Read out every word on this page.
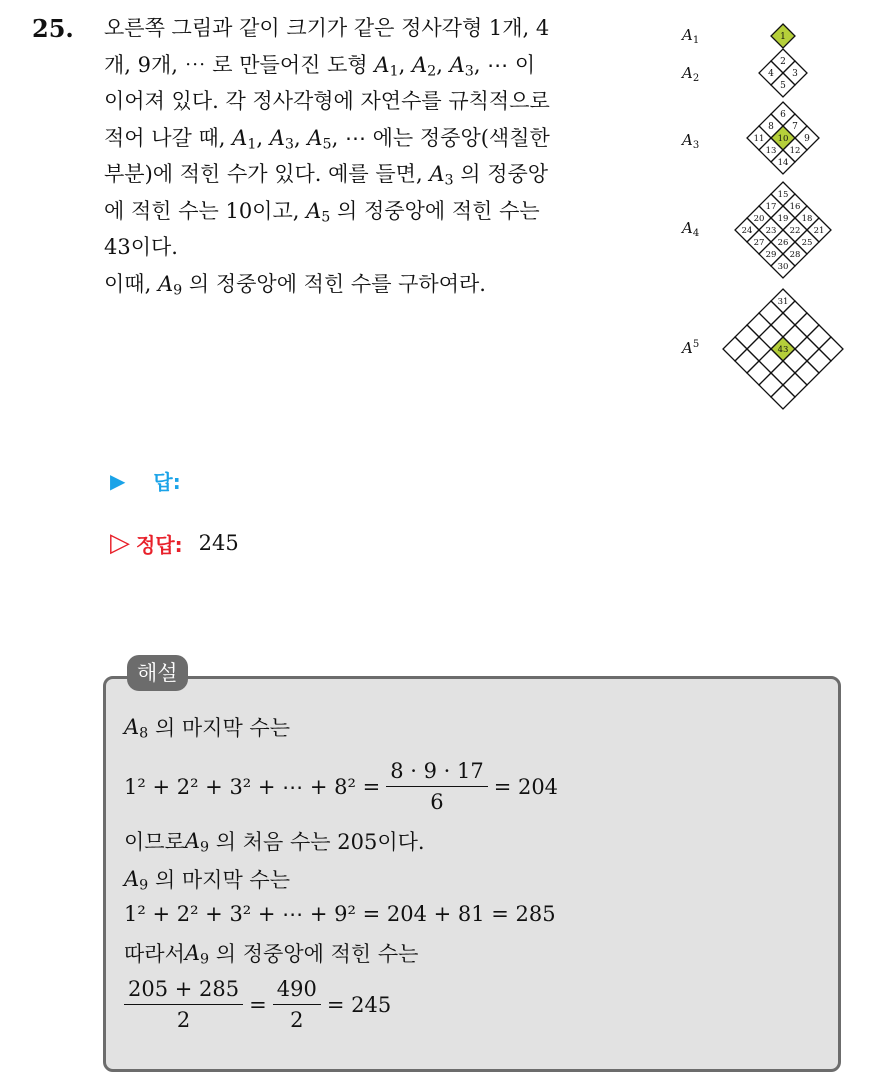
25. 오른쪽 그림과 같이 크기가 같은 정사각형 1개, 4

개, 9개, ⋯ 로 만들어진 도형 $A_1$, $A_2$, $A_3$, ⋯ 이

이어져 있다. 각 정사각형에 자연수를 규칙적으로

적어 나갈 때, $A_1$, $A_3$, $A_5$, ⋯ 에는 정중앙(색칠한

부분)에 적힌 수가 있다. 예를 들면, $A_3$ 의 정중앙

에 적힌 수는 10이고, $A_5$ 의 정중앙에 적힌 수는

43이다.

이때, $A_9$ 의 정중앙에 적힌 수를 구하여라.

1
$A_1$
2
3
4
5
$A_2$
6
7
8
9
10
11
12
13
14
$A_3$
15
16
17
18
19
20
21
22
23
24
25
26
27
28
29
30
$A_4$
31
43
$A^5$
▶ 답:
▷ 정답: 245
해설
$A_8$
의 마지막 수는
1² + 2² + 3² + ⋯ + $8^2 = \frac{8 \cdot 9 \cdot 17}{6} = 204$
이므로 $A_9$
의 처음 수는 205이다.
$A_9$
의 마지막 수는
1² + 2² + 3² + ⋯ + 9² = 204 + 81 = 285
따라서 $A_9$
의 정중앙에 적힌 수는
$\frac{205 + 285}{2} = \frac{490}{2} = 245$
